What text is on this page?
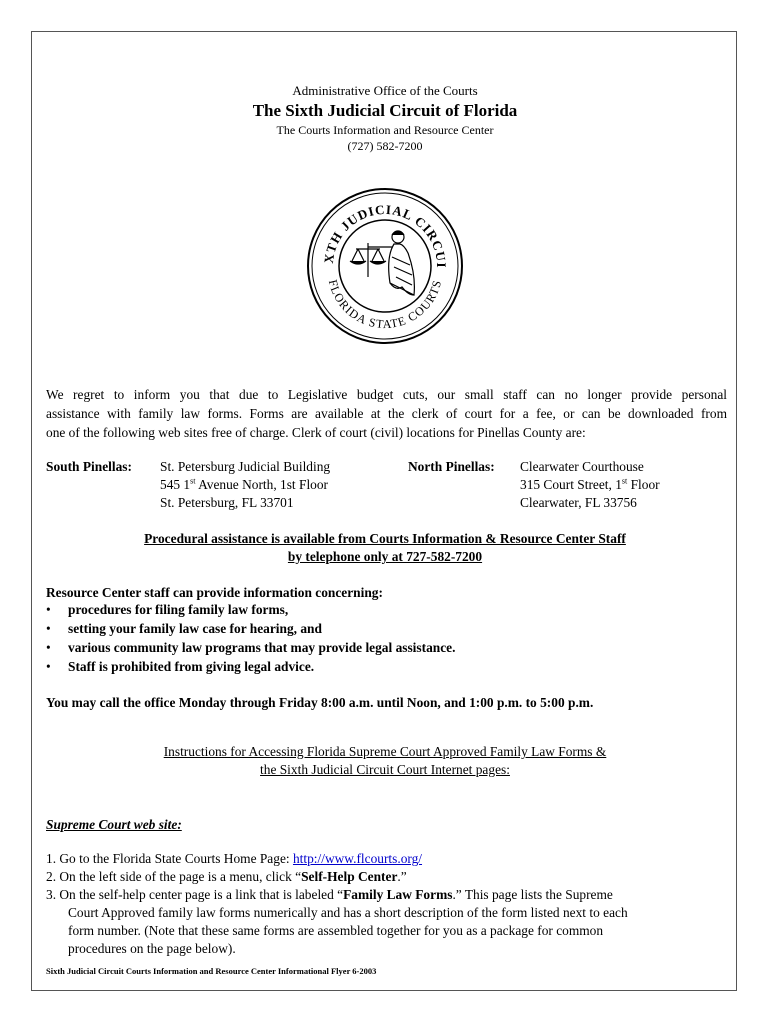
Administrative Office of the Courts
The Sixth Judicial Circuit of Florida
The Courts Information and Resource Center
(727) 582-7200
XTH JUDICIAL CIRCUI
FLORIDA STATE COURTS
We regret to inform you that due to Legislative budget cuts, our small staff can no longer provide personal
assistance with family law forms. Forms are available at the clerk of court for a fee, or can be downloaded from
one of the following web sites free of charge. Clerk of court (civil) locations for Pinellas County are:
South Pinellas: St. Petersburg Judicial Building
545 1st Avenue North, 1st Floor
St. Petersburg, FL 33701
North Pinellas: Clearwater Courthouse
315 Court Street, 1st Floor
Clearwater, FL 33756
Procedural assistance is available from Courts Information & Resource Center Staff
by telephone only at 727-582-7200
Resource Center staff can provide information concerning:
• procedures for filing family law forms,
• setting your family law case for hearing, and
• various community law programs that may provide legal assistance.
• Staff is prohibited from giving legal advice.
You may call the office Monday through Friday 8:00 a.m. until Noon, and 1:00 p.m. to 5:00 p.m.
Instructions for Accessing Florida Supreme Court Approved Family Law Forms &
the Sixth Judicial Circuit Court Internet pages:
Supreme Court web site:
1. Go to the Florida State Courts Home Page: http://www.flcourts.org/
2. On the left side of the page is a menu, click “Self-Help Center.”
3. On the self-help center page is a link that is labeled “Family Law Forms.” This page lists the Supreme
Court Approved family law forms numerically and has a short description of the form listed next to each
form number. (Note that these same forms are assembled together for you as a package for common
procedures on the page below).
Sixth Judicial Circuit Courts Information and Resource Center Informational Flyer 6-2003
